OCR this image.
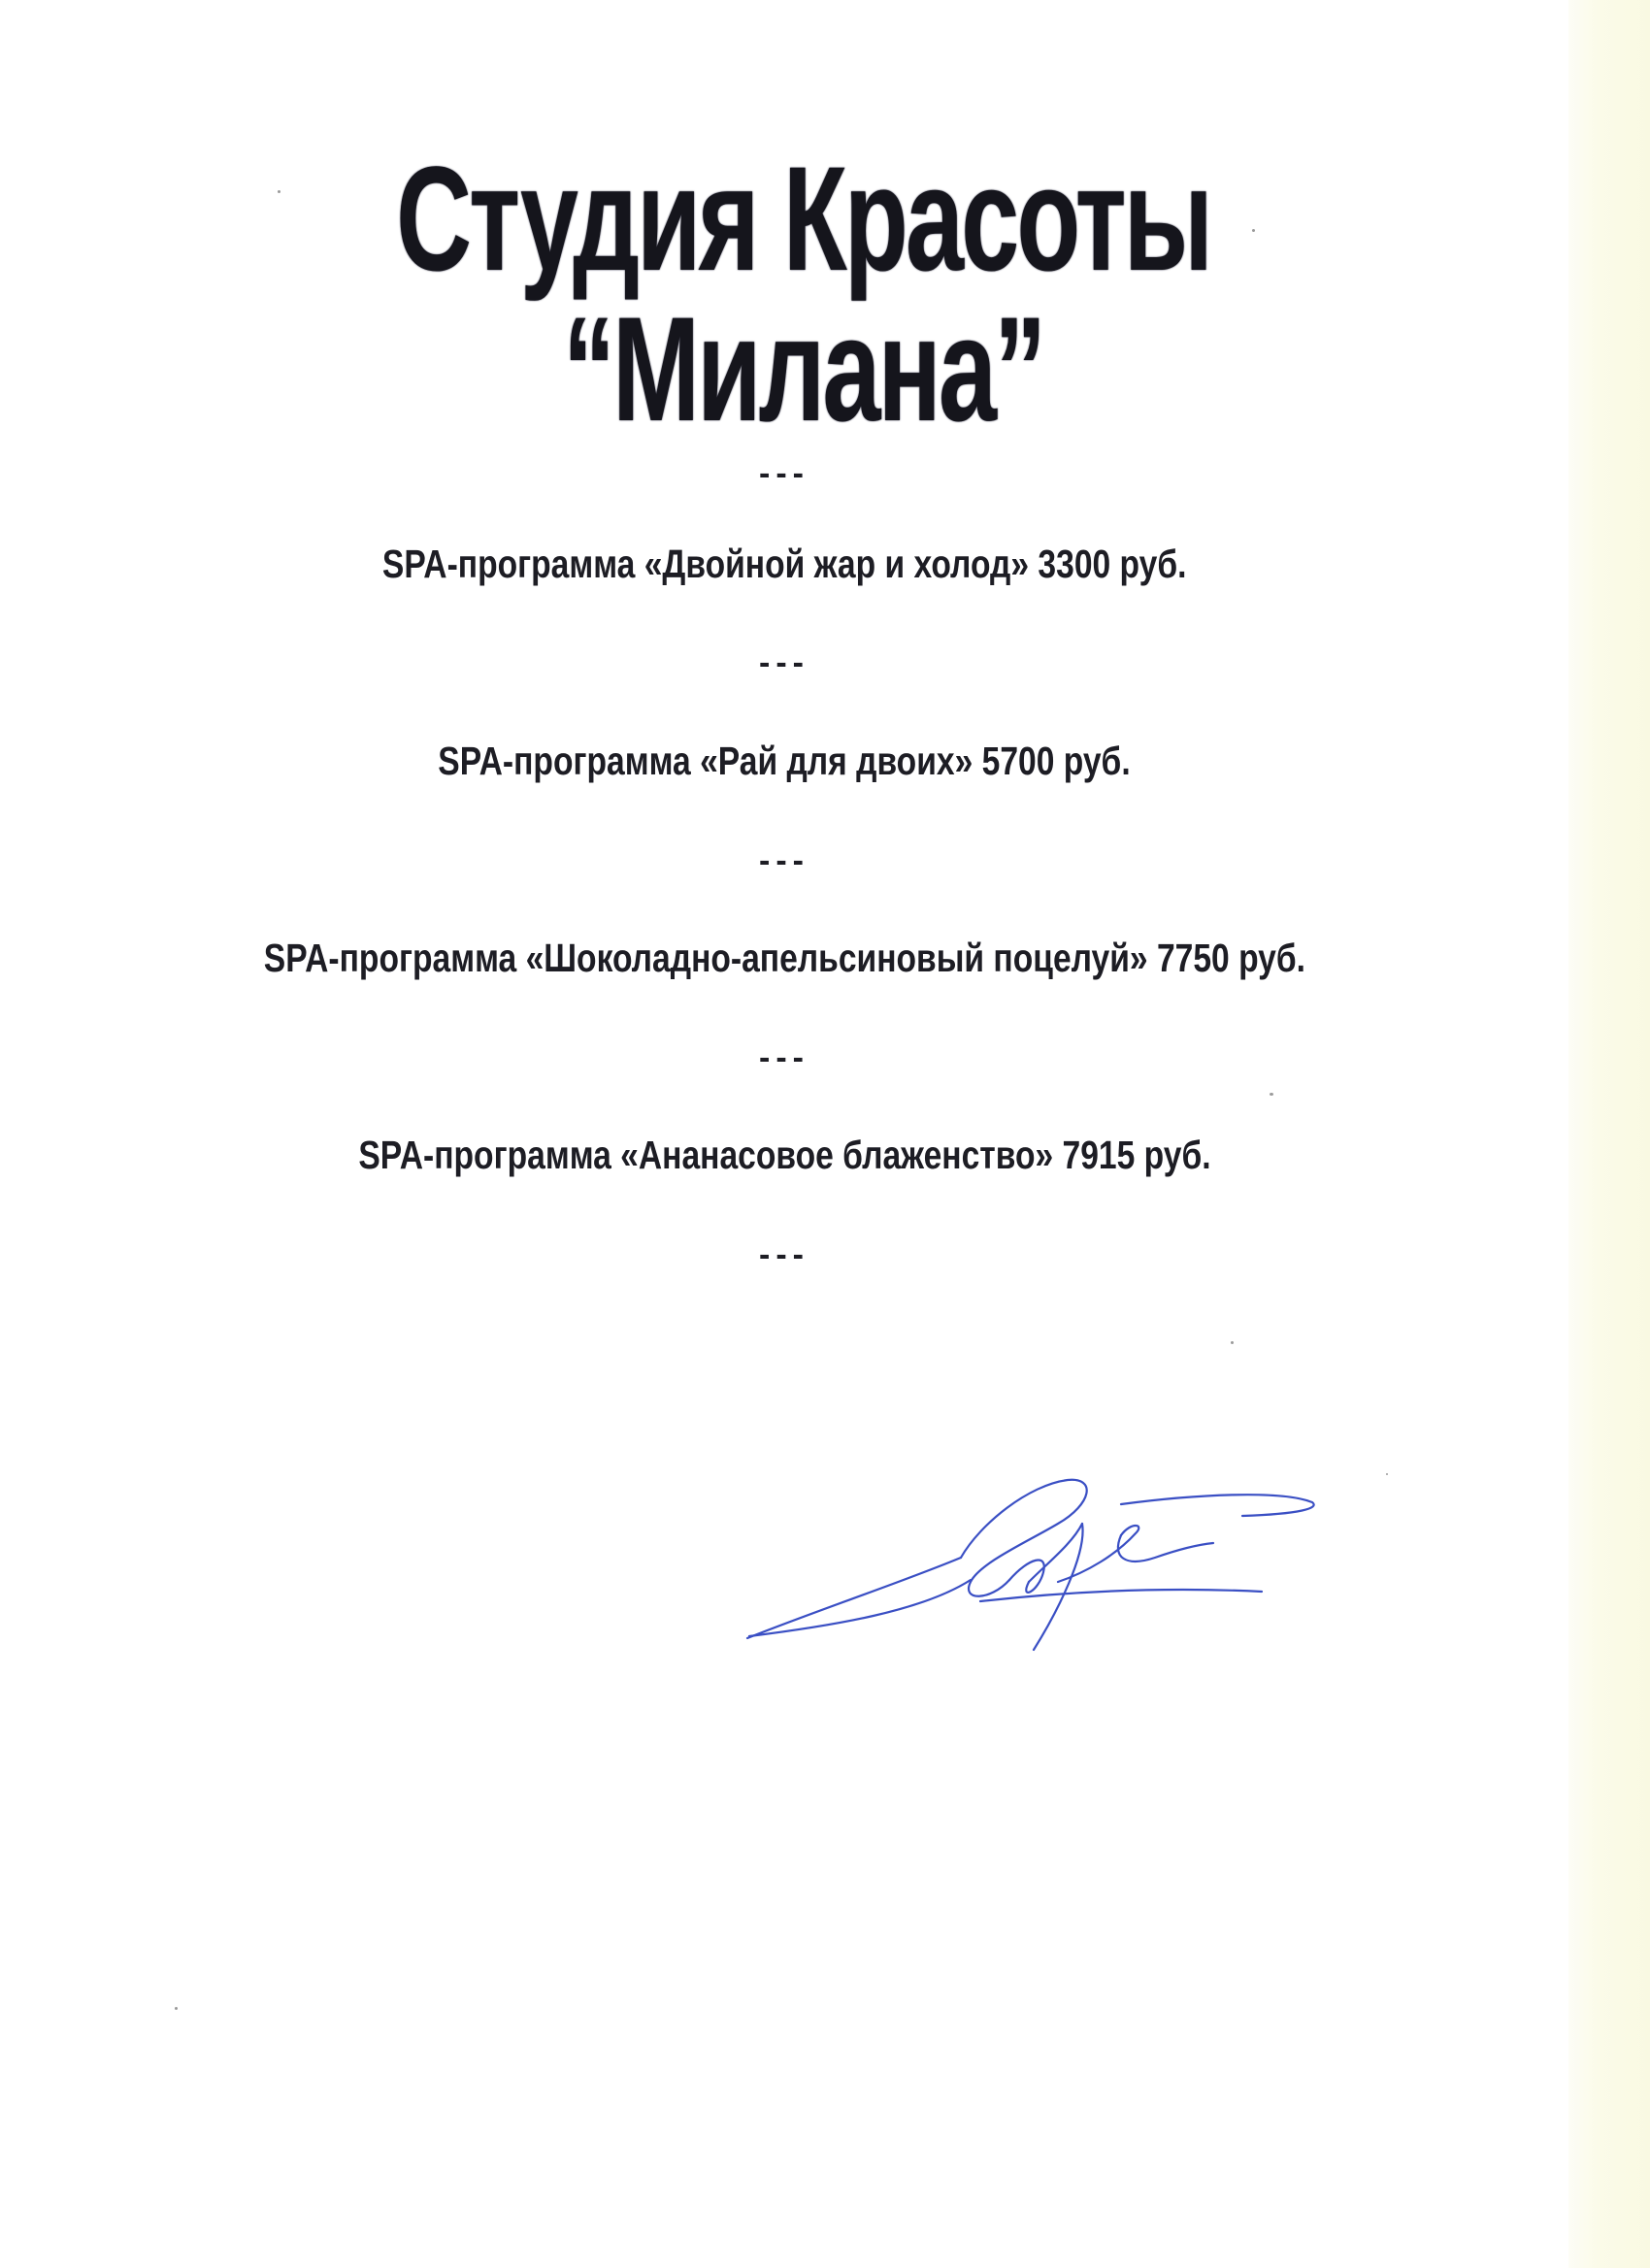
Студия Красоты
“Милана”
---
SPA-программа «Двойной жар и холод» 3300 руб.
---
SPA-программа «Рай для двоих» 5700 руб.
---
SPA-программа «Шоколадно-апельсиновый поцелуй» 7750 руб.
---
SPA-программа «Ананасовое блаженство» 7915 руб.
---
